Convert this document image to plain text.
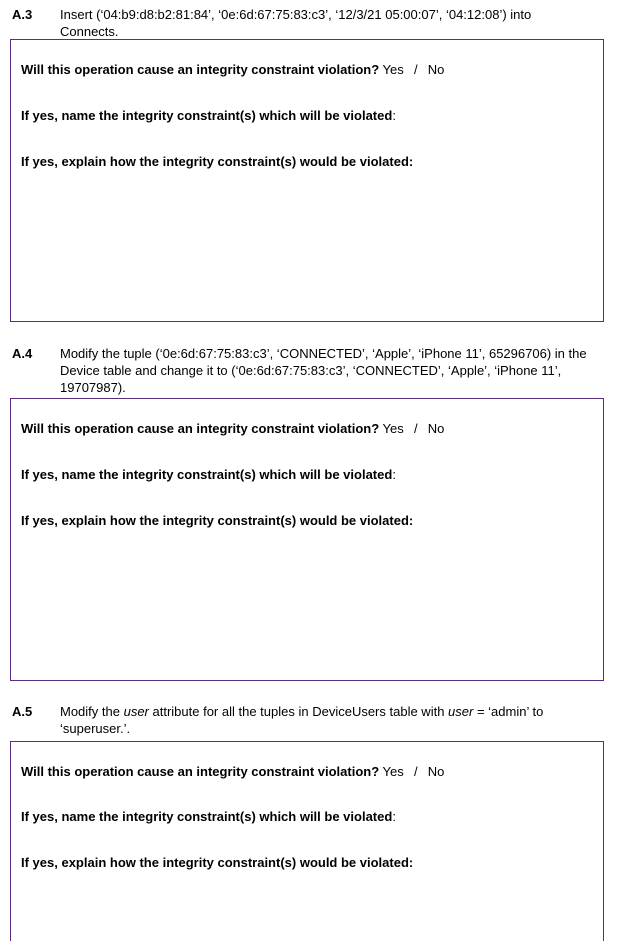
A.3 Insert (‘04:b9:d8:b2:81:84’, ‘0e:6d:67:75:83:c3’, ‘12/3/21 05:00:07’, ‘04:12:08’) into
Connects.
Will this operation cause an integrity constraint violation? Yes / No
If yes, name the integrity constraint(s) which will be violated:
If yes, explain how the integrity constraint(s) would be violated:
A.4 Modify the tuple (‘0e:6d:67:75:83:c3’, ‘CONNECTED’, ‘Apple’, ‘iPhone 11’, 65296706) in the
Device table and change it to (‘0e:6d:67:75:83:c3’, ‘CONNECTED’, ‘Apple’, ‘iPhone 11’,
19707987).
Will this operation cause an integrity constraint violation? Yes / No
If yes, name the integrity constraint(s) which will be violated:
If yes, explain how the integrity constraint(s) would be violated:
A.5 Modify the user attribute for all the tuples in DeviceUsers table with user = ‘admin’ to
‘superuser.’.
Will this operation cause an integrity constraint violation? Yes / No
If yes, name the integrity constraint(s) which will be violated:
If yes, explain how the integrity constraint(s) would be violated:
